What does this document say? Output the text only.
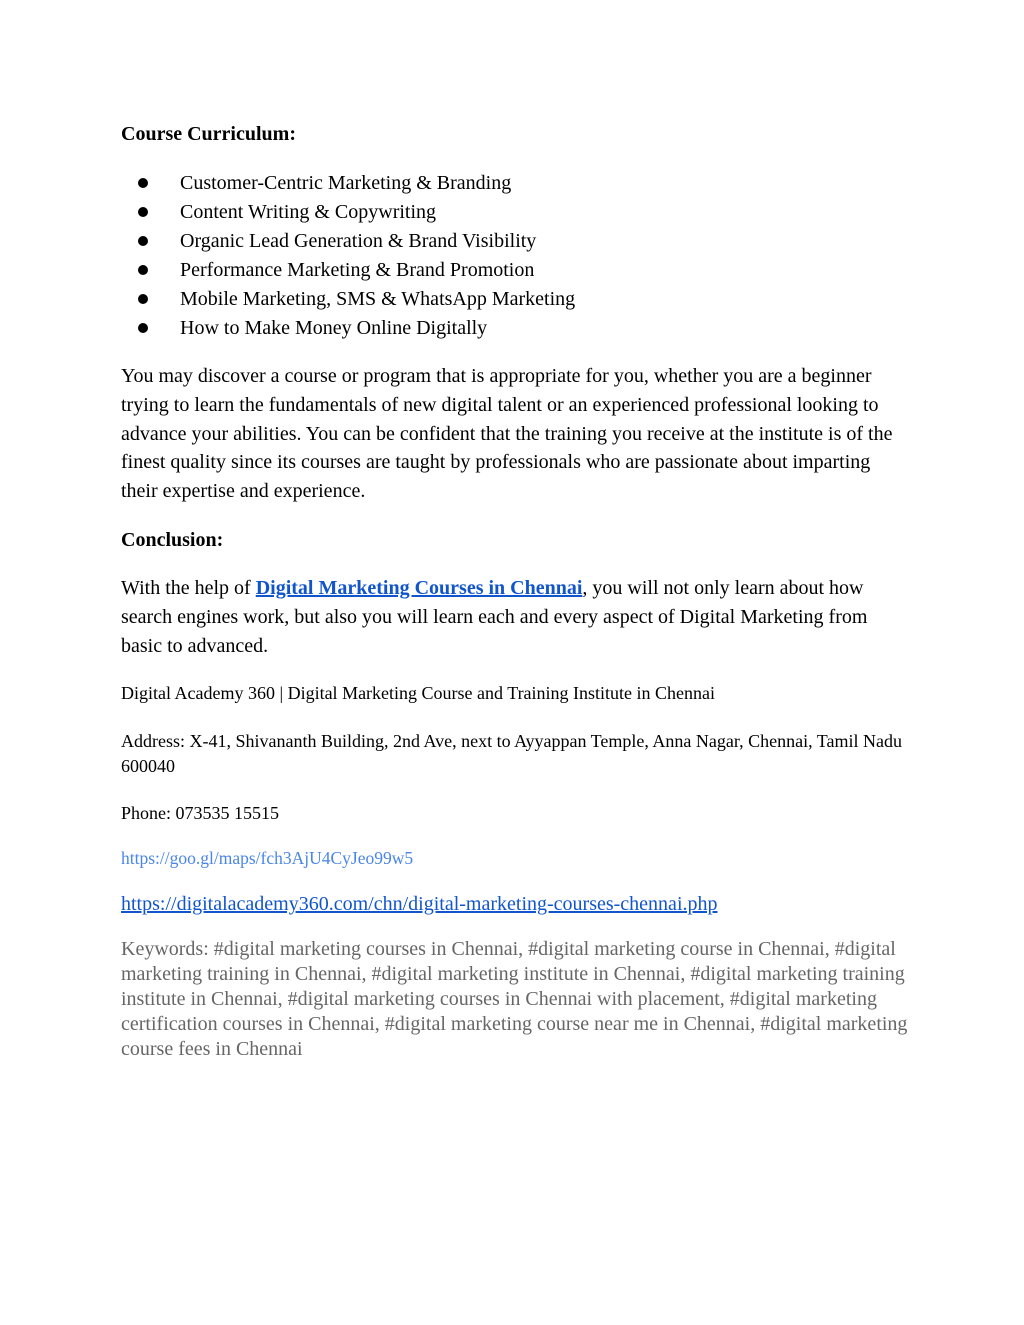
Course Curriculum:
Customer-Centric Marketing & Branding
Content Writing & Copywriting
Organic Lead Generation & Brand Visibility
Performance Marketing & Brand Promotion
Mobile Marketing, SMS & WhatsApp Marketing
How to Make Money Online Digitally

You may discover a course or program that is appropriate for you, whether you are a beginner trying to learn the fundamentals of new digital talent or an experienced professional looking to advance your abilities. You can be confident that the training you receive at the institute is of the finest quality since its courses are taught by professionals who are passionate about imparting their expertise and experience.

Conclusion:

With the help of Digital Marketing Courses in Chennai, you will not only learn about how search engines work, but also you will learn each and every aspect of Digital Marketing from basic to advanced.

Digital Academy 360 | Digital Marketing Course and Training Institute in Chennai

Address: X-41, Shivananth Building, 2nd Ave, next to Ayyappan Temple, Anna Nagar, Chennai, Tamil Nadu 600040

Phone: 073535 15515

https://goo.gl/maps/fch3AjU4CyJeo99w5

https://digitalacademy360.com/chn/digital-marketing-courses-chennai.php

Keywords: #digital marketing courses in Chennai, #digital marketing course in Chennai, #digital marketing training in Chennai, #digital marketing institute in Chennai, #digital marketing training institute in Chennai, #digital marketing courses in Chennai with placement, #digital marketing certification courses in Chennai, #digital marketing course near me in Chennai, #digital marketing course fees in Chennai
